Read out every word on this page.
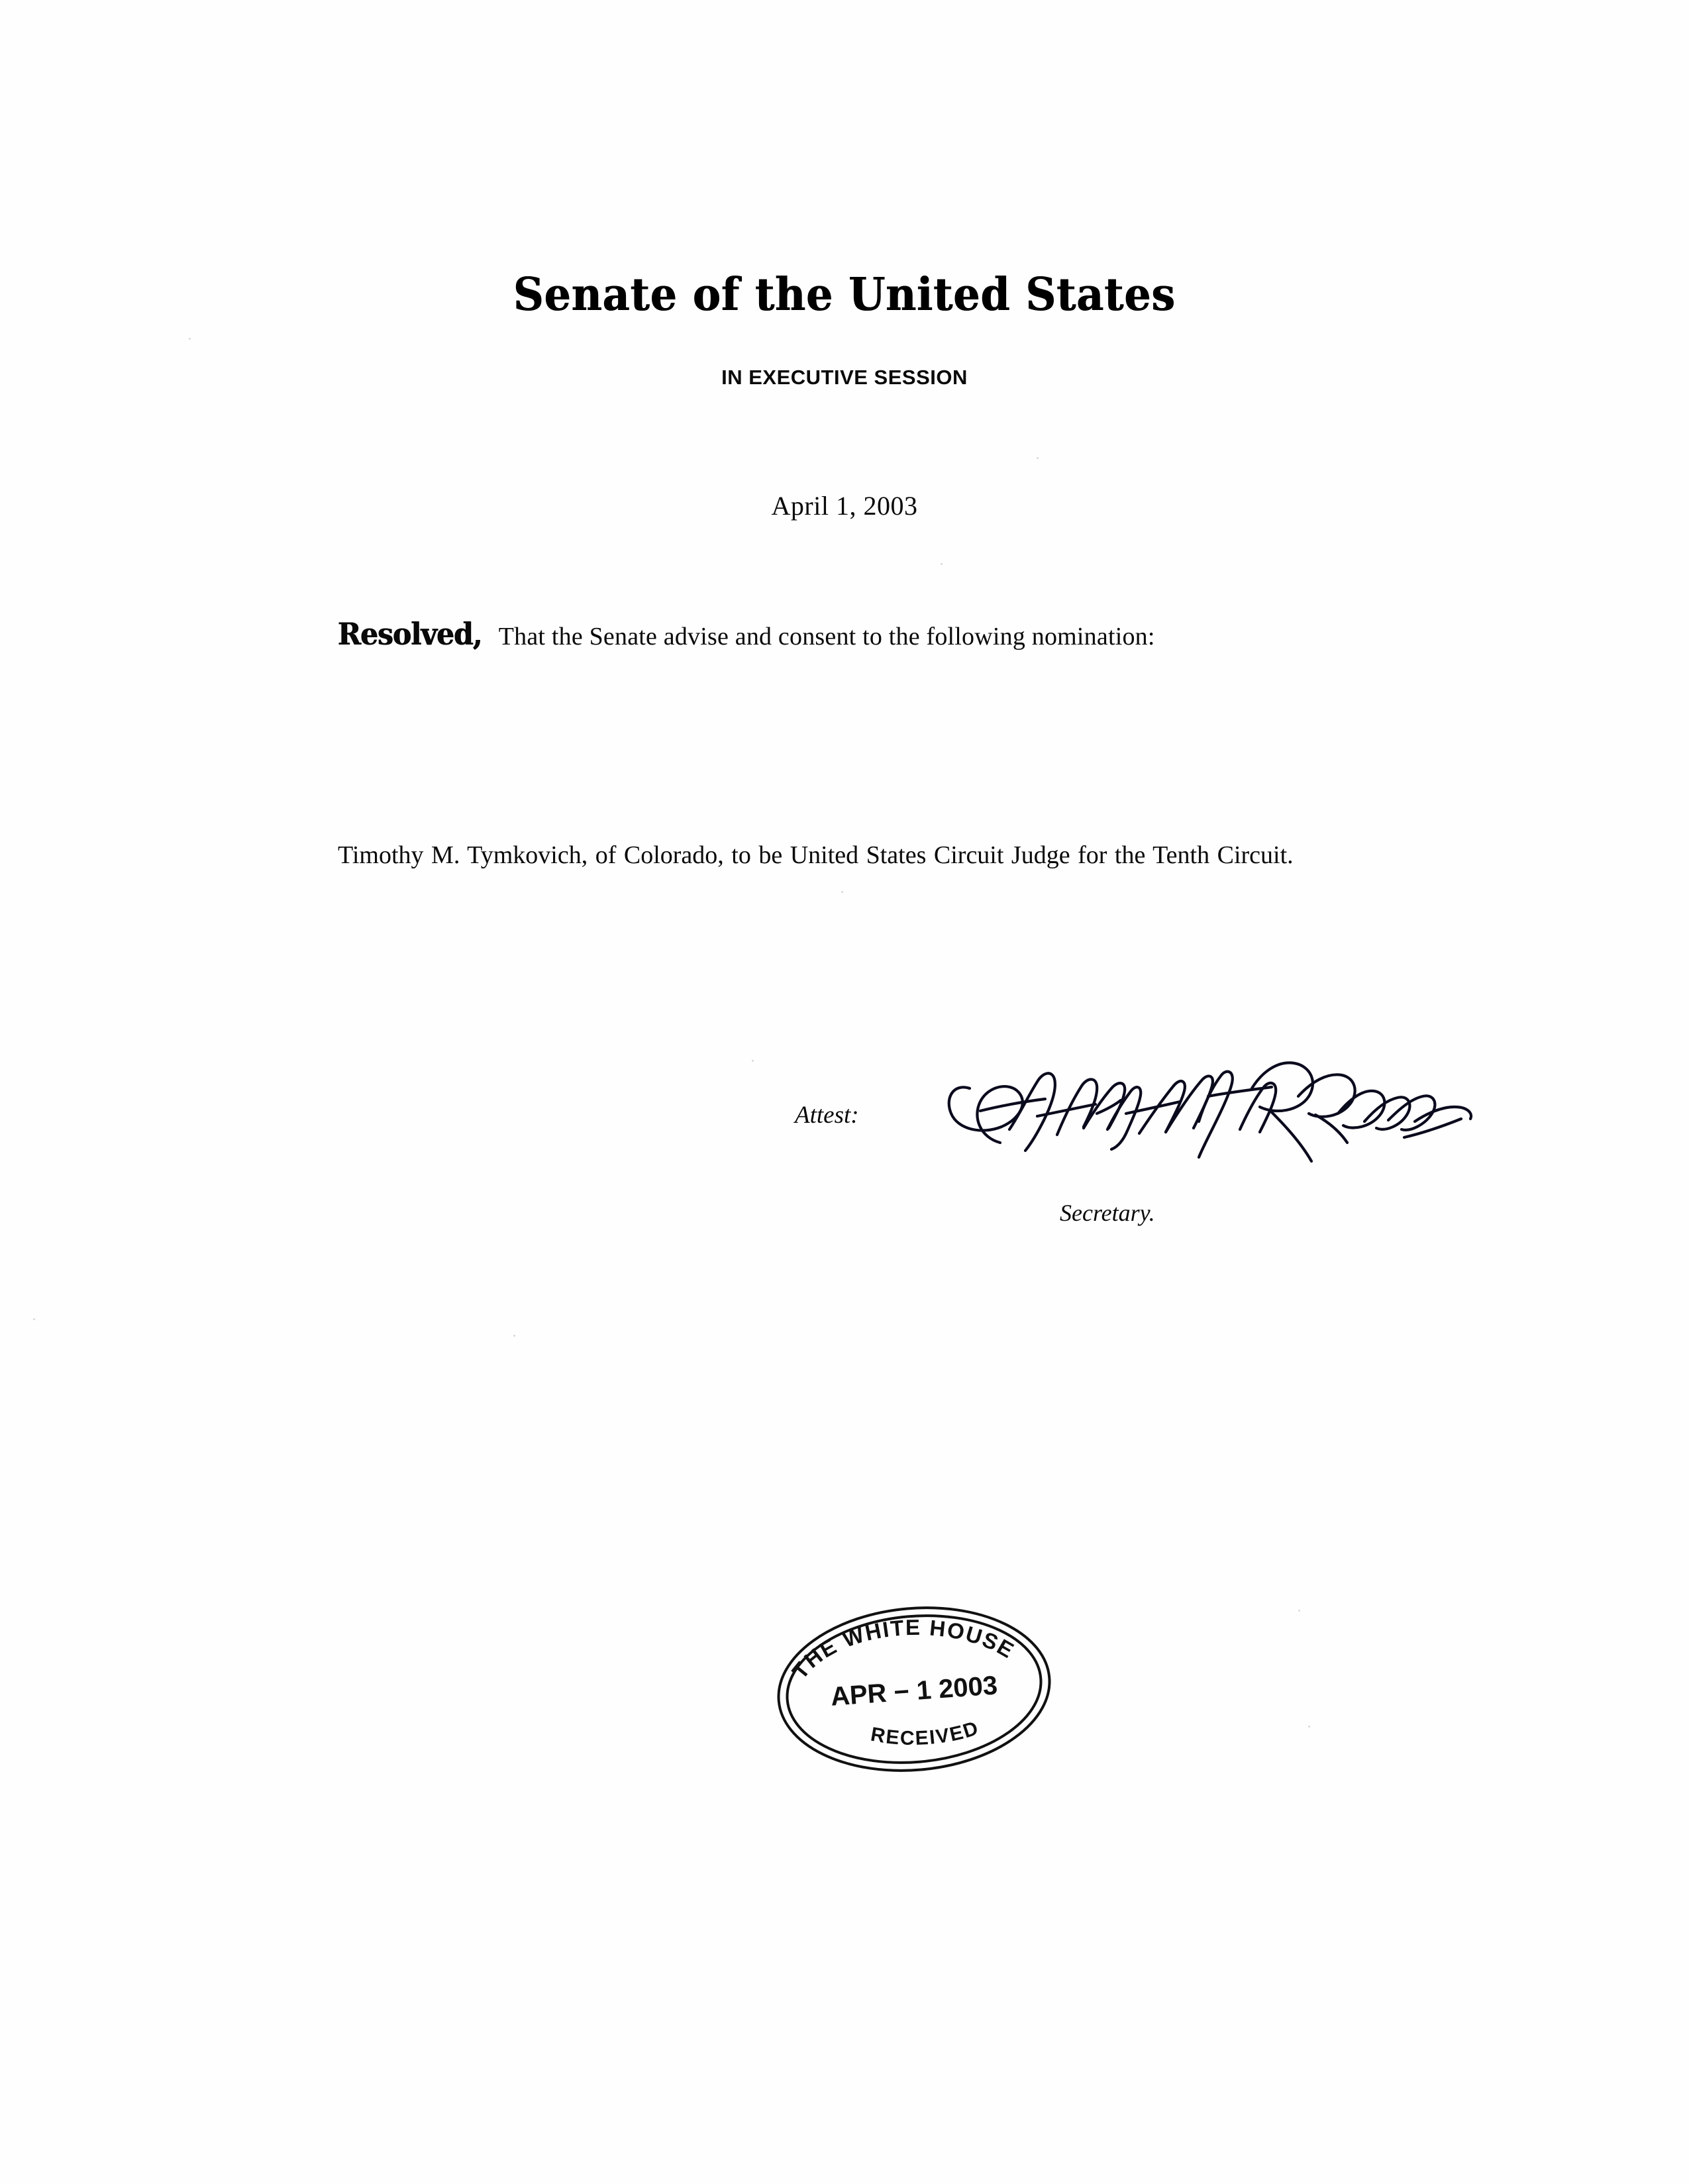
Senate of the United States
IN EXECUTIVE SESSION
April 1, 2003
Resolved, That the Senate advise and consent to the following nomination:
Timothy M. Tymkovich, of Colorado, to be United States Circuit Judge for the Tenth Circuit.
Attest:
Secretary.
THE WHITE HOUSE
RECEIVED
APR − 1 2003
